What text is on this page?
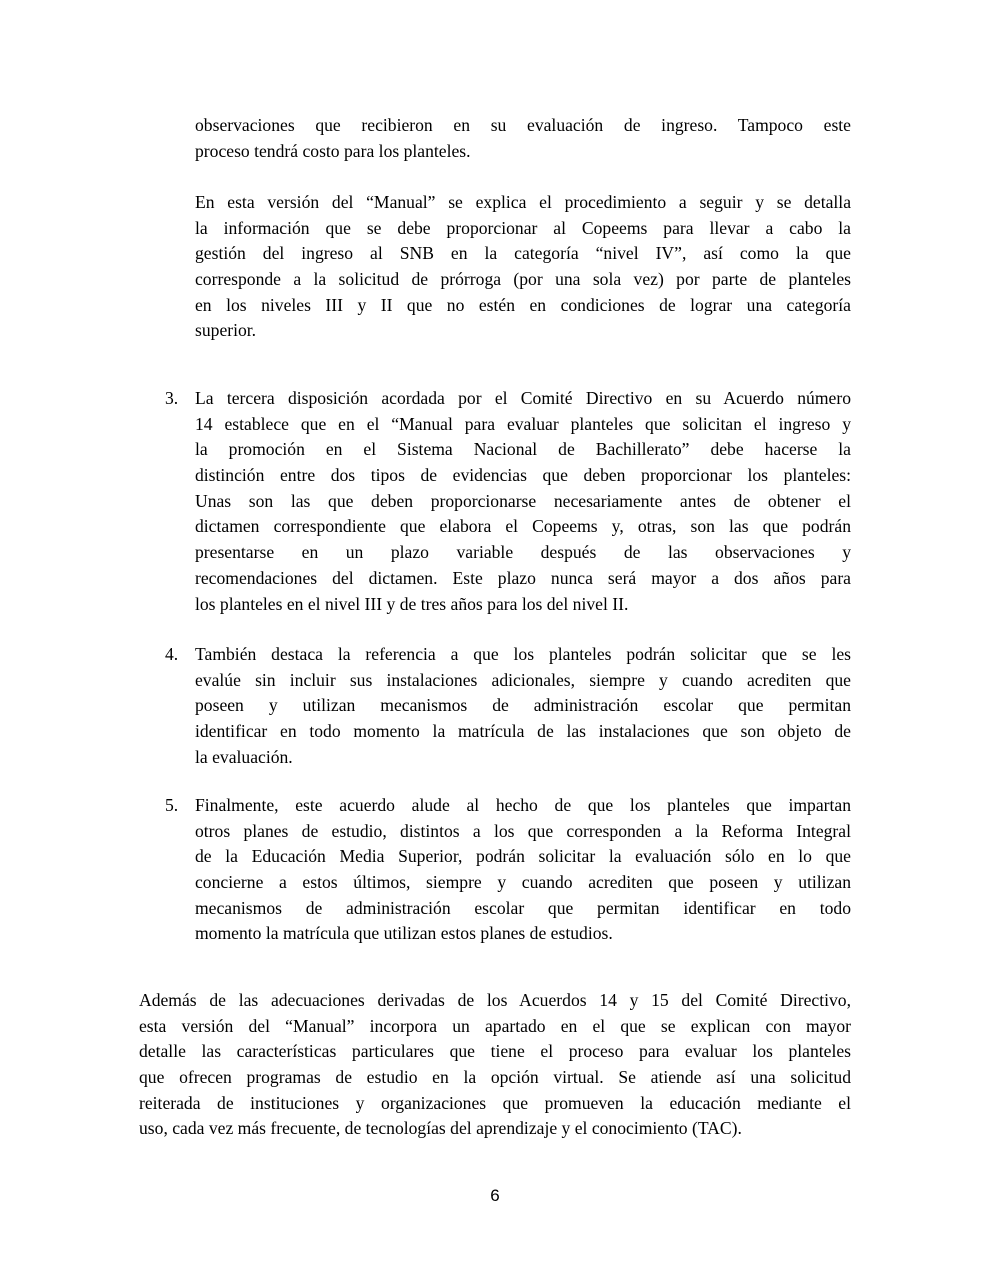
observaciones que recibieron en su evaluación de ingreso. Tampoco este
proceso tendrá costo para los planteles.
En esta versión del “Manual” se explica el procedimiento a seguir y se detalla
la información que se debe proporcionar al Copeems para llevar a cabo la
gestión del ingreso al SNB en la categoría “nivel IV”, así como la que
corresponde a la solicitud de prórroga (por una sola vez) por parte de planteles
en los niveles III y II que no estén en condiciones de lograr una categoría
superior.
3. La tercera disposición acordada por el Comité Directivo en su Acuerdo número
14 establece que en el “Manual para evaluar planteles que solicitan el ingreso y
la promoción en el Sistema Nacional de Bachillerato” debe hacerse la
distinción entre dos tipos de evidencias que deben proporcionar los planteles:
Unas son las que deben proporcionarse necesariamente antes de obtener el
dictamen correspondiente que elabora el Copeems y, otras, son las que podrán
presentarse en un plazo variable después de las observaciones y
recomendaciones del dictamen. Este plazo nunca será mayor a dos años para
los planteles en el nivel III y de tres años para los del nivel II.
4. También destaca la referencia a que los planteles podrán solicitar que se les
evalúe sin incluir sus instalaciones adicionales, siempre y cuando acrediten que
poseen y utilizan mecanismos de administración escolar que permitan
identificar en todo momento la matrícula de las instalaciones que son objeto de
la evaluación.
5. Finalmente, este acuerdo alude al hecho de que los planteles que impartan
otros planes de estudio, distintos a los que corresponden a la Reforma Integral
de la Educación Media Superior, podrán solicitar la evaluación sólo en lo que
concierne a estos últimos, siempre y cuando acrediten que poseen y utilizan
mecanismos de administración escolar que permitan identificar en todo
momento la matrícula que utilizan estos planes de estudios.
Además de las adecuaciones derivadas de los Acuerdos 14 y 15 del Comité Directivo,
esta versión del “Manual” incorpora un apartado en el que se explican con mayor
detalle las características particulares que tiene el proceso para evaluar los planteles
que ofrecen programas de estudio en la opción virtual. Se atiende así una solicitud
reiterada de instituciones y organizaciones que promueven la educación mediante el
uso, cada vez más frecuente, de tecnologías del aprendizaje y el conocimiento (TAC).
6
